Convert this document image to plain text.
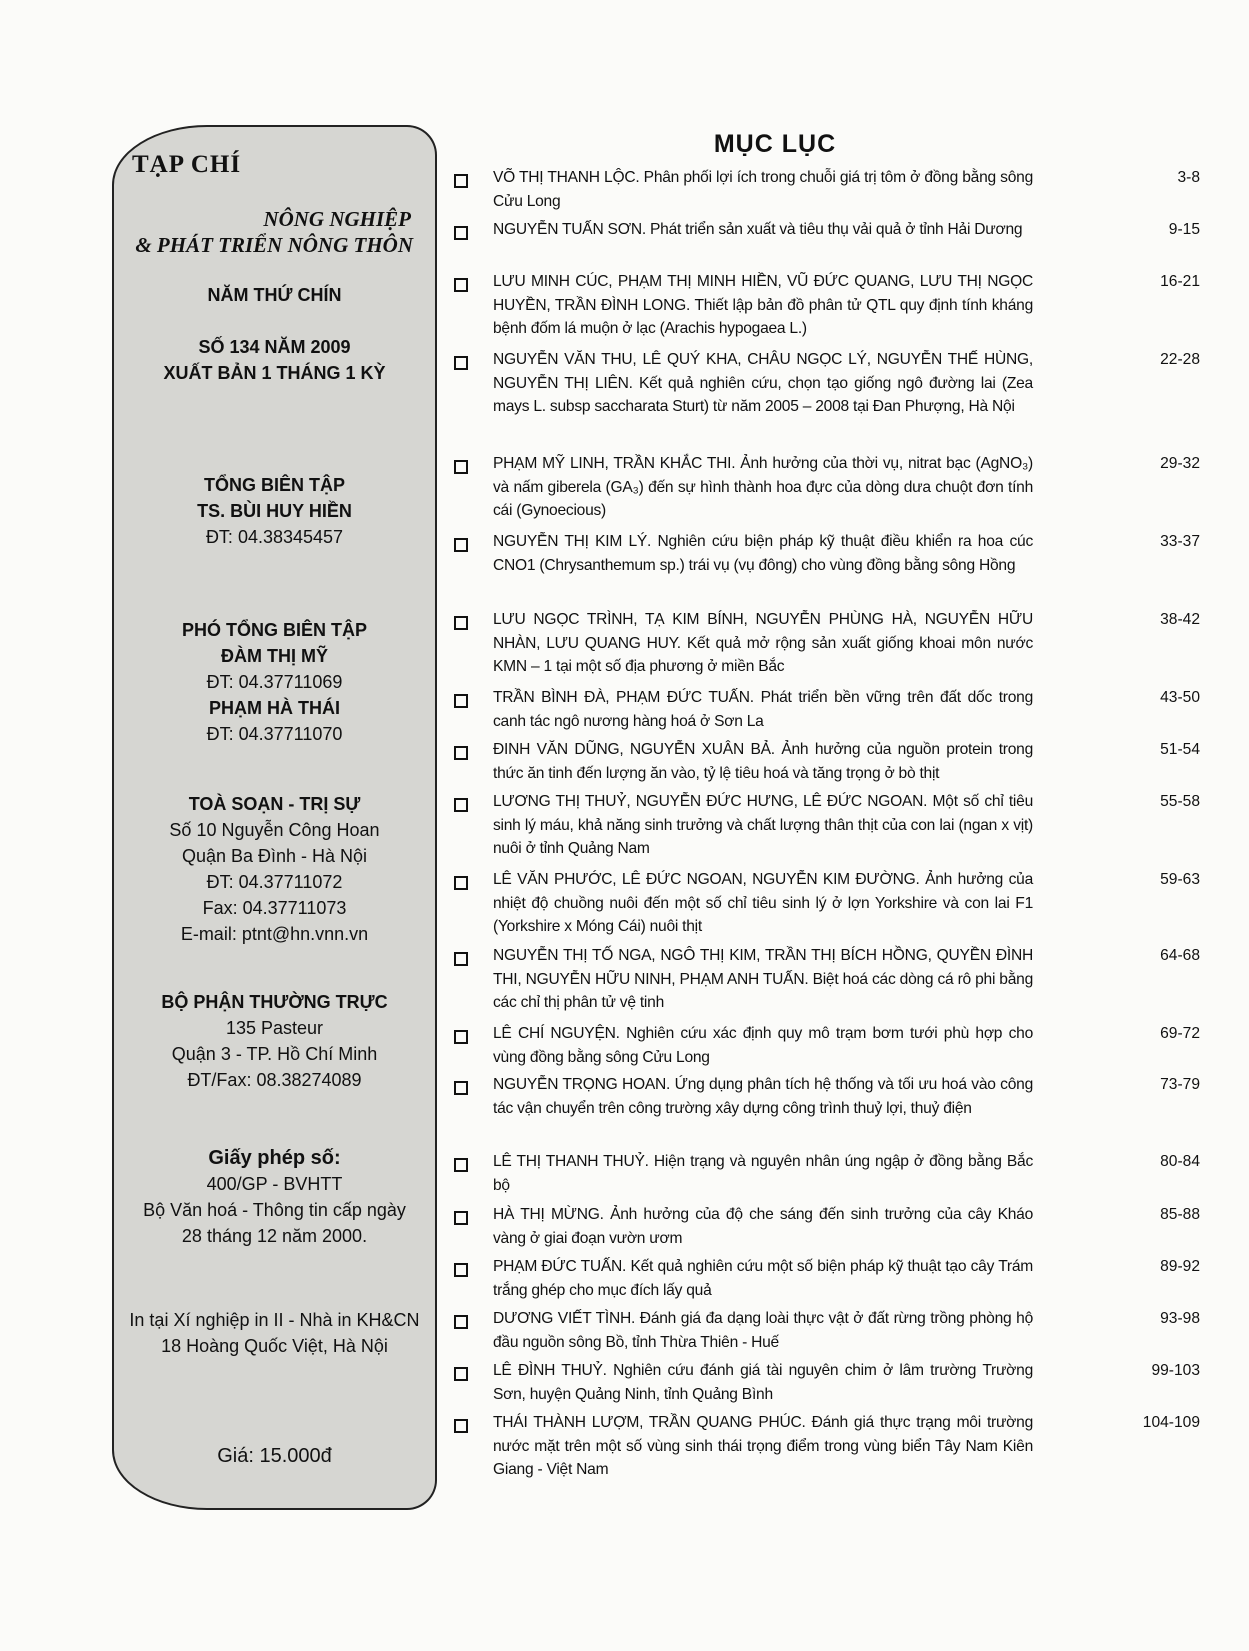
TẠP CHÍ
NÔNG NGHIỆP
& PHÁT TRIỂN NÔNG THÔN
NĂM THỨ CHÍN
SỐ 134 NĂM 2009
XUẤT BẢN 1 THÁNG 1 KỲ
TỔNG BIÊN TẬP
TS. BÙI HUY HIỀN
ĐT: 04.38345457
PHÓ TỔNG BIÊN TẬP
ĐÀM THỊ MỸ
ĐT: 04.37711069
PHẠM HÀ THÁI
ĐT: 04.37711070
TOÀ SOẠN - TRỊ SỰ
Số 10 Nguyễn Công Hoan
Quận Ba Đình - Hà Nội
ĐT: 04.37711072
Fax: 04.37711073
E-mail: ptnt@hn.vnn.vn
BỘ PHẬN THƯỜNG TRỰC
135 Pasteur
Quận 3 - TP. Hồ Chí Minh
ĐT/Fax: 08.38274089
Giấy phép số:
400/GP - BVHTT
Bộ Văn hoá - Thông tin cấp ngày
28 tháng 12 năm 2000.
In tại Xí nghiệp in II - Nhà in KH&CN
18 Hoàng Quốc Việt, Hà Nội
Giá: 15.000đ
MỤC LỤC
VÕ THỊ THANH LỘC. Phân phối lợi ích trong chuỗi giá trị tôm ở đồng bằng sông Cửu Long
3-8
NGUYỄN TUẤN SƠN. Phát triển sản xuất và tiêu thụ vải quả ở tỉnh Hải Dương	9-15
LƯU MINH CÚC, PHẠM THỊ MINH HIỀN, VŨ ĐỨC QUANG, LƯU THỊ NGỌC HUYỀN, TRẦN ĐÌNH LONG. Thiết lập bản đồ phân tử QTL quy định tính kháng bệnh đốm lá muộn ở lạc (Arachis hypogaea L.)
16-21
NGUYỄN VĂN THU, LÊ QUÝ KHA, CHÂU NGỌC LÝ, NGUYỄN THẾ HÙNG, NGUYỄN THỊ LIÊN. Kết quả nghiên cứu, chọn tạo giống ngô đường lai (Zea mays L. subsp saccharata Sturt) từ năm 2005 – 2008 tại Đan Phượng, Hà Nội
22-28
PHẠM MỸ LINH, TRẦN KHẮC THI. Ảnh hưởng của thời vụ, nitrat bạc (AgNO₃) và nấm giberela (GA₃) đến sự hình thành hoa đực của dòng dưa chuột đơn tính cái (Gynoecious)
29-32
NGUYỄN THỊ KIM LÝ. Nghiên cứu biện pháp kỹ thuật điều khiển ra hoa cúc CNO1 (Chrysanthemum sp.) trái vụ (vụ đông) cho vùng đồng bằng sông Hồng
33-37
LƯU NGỌC TRÌNH, TẠ KIM BÍNH, NGUYỄN PHÙNG HÀ, NGUYỄN HỮU NHÀN, LƯU QUANG HUY. Kết quả mở rộng sản xuất giống khoai môn nước KMN – 1 tại một số địa phương ở miền Bắc
38-42
TRẦN BÌNH ĐÀ, PHẠM ĐỨC TUẤN. Phát triển bền vững trên đất dốc trong canh tác ngô nương hàng hoá ở Sơn La
43-50
ĐINH VĂN DŨNG, NGUYỄN XUÂN BẢ. Ảnh hưởng của nguồn protein trong thức ăn tinh đến lượng ăn vào, tỷ lệ tiêu hoá và tăng trọng ở bò thịt
51-54
LƯƠNG THỊ THUỶ, NGUYỄN ĐỨC HƯNG, LÊ ĐỨC NGOAN. Một số chỉ tiêu sinh lý máu, khả năng sinh trưởng và chất lượng thân thịt của con lai (ngan x vịt) nuôi ở tỉnh Quảng Nam
55-58
LÊ VĂN PHƯỚC, LÊ ĐỨC NGOAN, NGUYỄN KIM ĐƯỜNG. Ảnh hưởng của nhiệt độ chuồng nuôi đến một số chỉ tiêu sinh lý ở lợn Yorkshire và con lai F1 (Yorkshire x Móng Cái) nuôi thịt
59-63
NGUYỄN THỊ TỐ NGA, NGÔ THỊ KIM, TRẦN THỊ BÍCH HỒNG, QUYỀN ĐÌNH THI, NGUYỄN HỮU NINH, PHẠM ANH TUẤN. Biệt hoá các dòng cá rô phi bằng các chỉ thị phân tử vệ tinh
64-68
LÊ CHÍ NGUYỆN. Nghiên cứu xác định quy mô trạm bơm tưới phù hợp cho vùng đồng bằng sông Cửu Long
69-72
NGUYỄN TRỌNG HOAN. Ứng dụng phân tích hệ thống và tối ưu hoá vào công tác vận chuyển trên công trường xây dựng công trình thuỷ lợi, thuỷ điện
73-79
LÊ THỊ THANH THUỶ. Hiện trạng và nguyên nhân úng ngập ở đồng bằng Bắc bộ
80-84
HÀ THỊ MỪNG. Ảnh hưởng của độ che sáng đến sinh trưởng của cây Kháo vàng ở giai đoạn vườn ươm
85-88
PHẠM ĐỨC TUẤN. Kết quả nghiên cứu một số biện pháp kỹ thuật tạo cây Trám trắng ghép cho mục đích lấy quả
89-92
DƯƠNG VIẾT TÌNH. Đánh giá đa dạng loài thực vật ở đất rừng trồng phòng hộ đầu nguồn sông Bồ, tỉnh Thừa Thiên - Huế
93-98
LÊ ĐÌNH THUỶ. Nghiên cứu đánh giá tài nguyên chim ở lâm trường Trường Sơn, huyện Quảng Ninh, tỉnh Quảng Bình
99-103
THÁI THÀNH LƯỢM, TRẦN QUANG PHÚC. Đánh giá thực trạng môi trường nước mặt trên một số vùng sinh thái trọng điểm trong vùng biển Tây Nam Kiên Giang - Việt Nam
104-109
